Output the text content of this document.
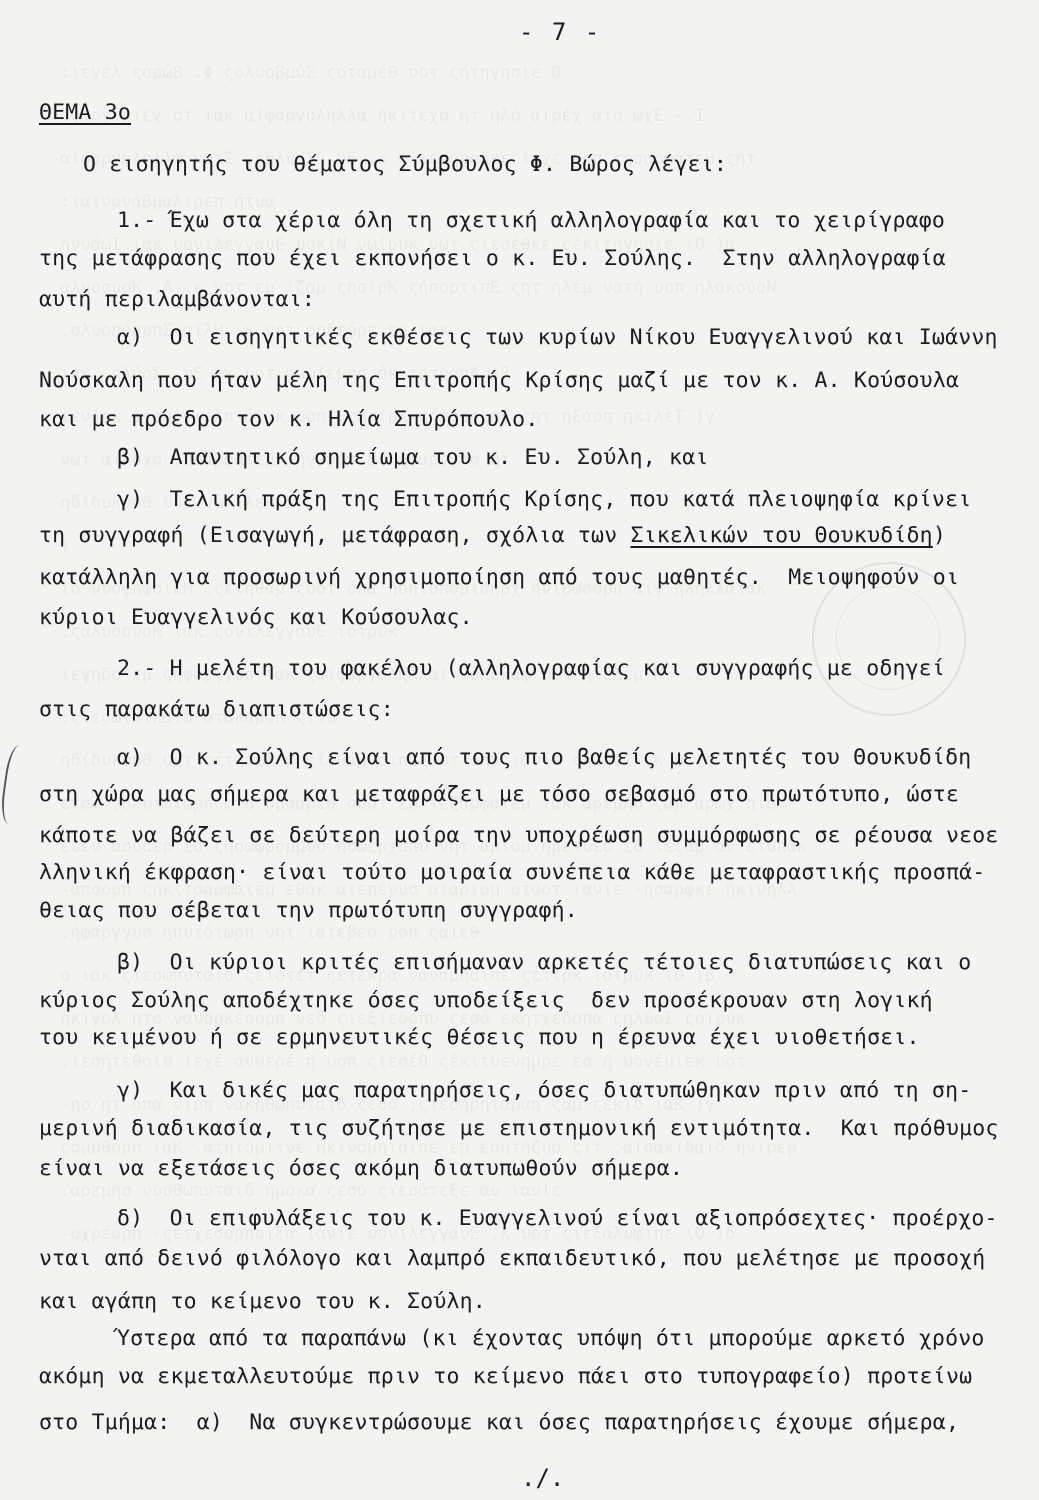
- 7 -
ΘΕΜΑ 3ο
Ο εισηγητής του θέματος Σύμβουλος Φ. Βώρος λέγει:
1.- Έχω στα χέρια όλη τη σχετική αλληλογραφία και το χειρίγραφο
της μετάφρασης που έχει εκπονήσει ο κ. Ευ. Σούλης.  Στην αλληλογραφία
αυτή περιλαμβάνονται:
α)  Οι εισηγητικές εκθέσεις των κυρίων Νίκου Ευαγγελινού και Ιωάννη
Νούσκαλη που ήταν μέλη της Επιτροπής Κρίσης μαζί με τον κ. Α. Κούσουλα
και με πρόεδρο τον κ. Ηλία Σπυρόπουλο.
β)  Απαντητικό σημείωμα του κ. Ευ. Σούλη, και
γ)  Τελική πράξη της Επιτροπής Κρίσης, που κατά πλειοψηφία κρίνει
τη συγγραφή (Εισαγωγή, μετάφραση, σχόλια των Σικελικών του Θουκυδίδη)
κατάλληλη για προσωρινή χρησιμοποίηση από τους μαθητές.  Μειοψηφούν οι
κύριοι Ευαγγελινός και Κούσουλας.
2.- Η μελέτη του φακέλου (αλληλογραφίας και συγγραφής με οδηγεί
στις παρακάτω διαπιστώσεις:
α)  Ο κ. Σούλης είναι από τους πιο βαθείς μελετητές του Θουκυδίδη
στη χώρα μας σήμερα και μεταφράζει με τόσο σεβασμό στο πρωτότυπο, ώστε
κάποτε να βάζει σε δεύτερη μοίρα την υποχρέωση συμμόρφωσης σε ρέουσα νεοε
λληνική έκφραση· είναι τούτο μοιραία συνέπεια κάθε μεταφραστικής προσπά-
θειας που σέβεται την πρωτότυπη συγγραφή.
β)  Οι κύριοι κριτές επισήμαναν αρκετές τέτοιες διατυπώσεις και ο
κύριος Σούλης αποδέχτηκε όσες υποδείξεις  δεν προσέκρουαν στη λογική
του κειμένου ή σε ερμηνευτικές θέσεις που η έρευνα έχει υιοθετήσει.
γ)  Και δικές μας παρατηρήσεις, όσες διατυπώθηκαν πριν από τη ση-
μερινή διαδικασία, τις συζήτησε με επιστημονική εντιμότητα.  Και πρόθυμος
είναι να εξετάσεις όσες ακόμη διατυπωθούν σήμερα.
δ)  Οι επιφυλάξεις του κ. Ευαγγελινού είναι αξιοπρόσεχτες· προέρχο-
νται από δεινό φιλόλογο και λαμπρό εκπαιδευτικό, που μελέτησε με προσοχή
και αγάπη το κείμενο του κ. Σούλη.
Ύστερα από τα παραπάνω (κι έχοντας υπόψη ότι μπορούμε αρκετό χρόνο
ακόμη να εκμεταλλευτούμε πριν το κείμενο πάει στο τυπογραφείο) προτείνω
στο Τμήμα:  α)  Να συγκεντρώσουμε και όσες παρατηρήσεις έχουμε σήμερα,
./.
